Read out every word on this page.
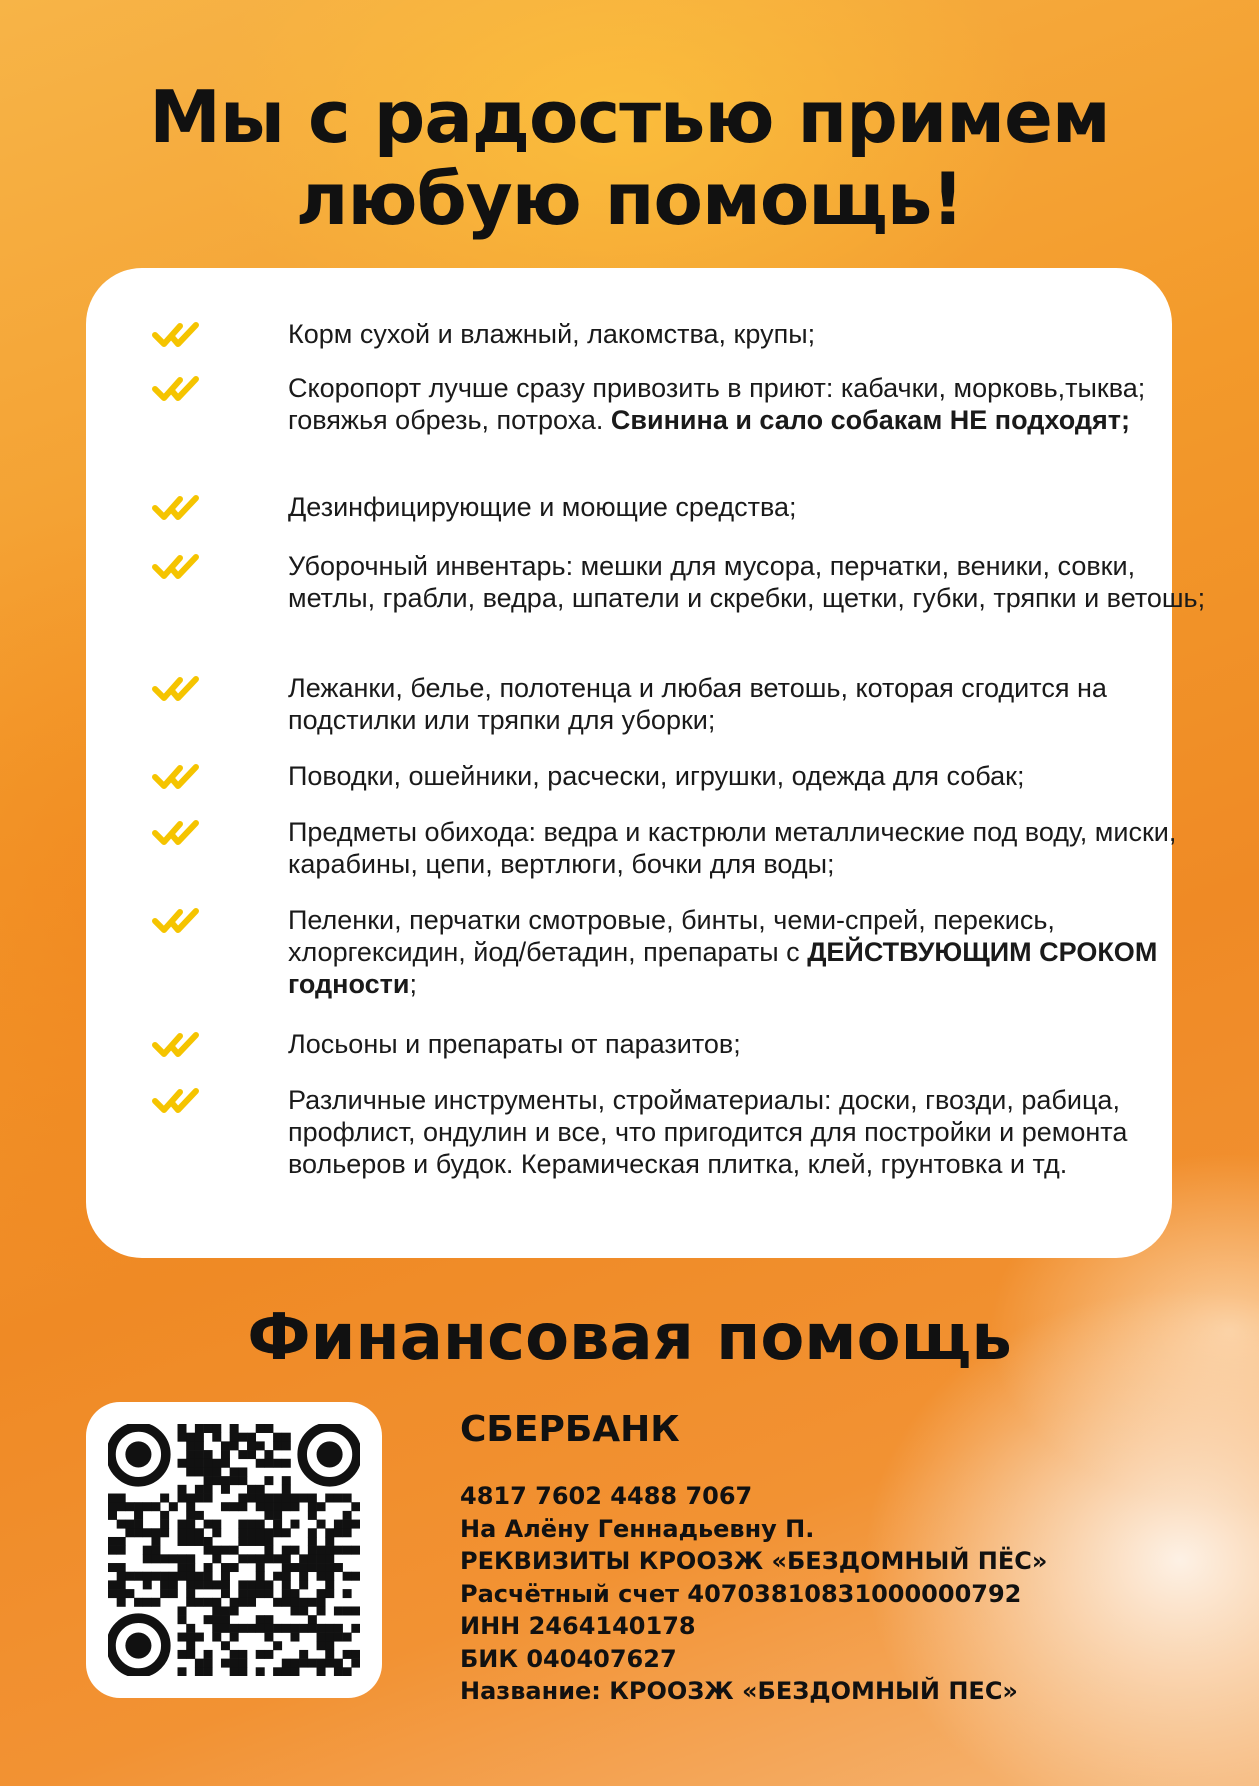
Мы с радостью примем
любую помощь!
Корм сухой и влажный, лакомства, крупы;
Скоропорт лучше сразу привозить в приют: кабачки, морковь,тыква; говяжья обрезь, потроха. Свинина и сало собакам НЕ подходят;
Дезинфицирующие и моющие средства;
Уборочный инвентарь: мешки для мусора, перчатки, веники, совки, метлы, грабли, ведра, шпатели и скребки, щетки, губки, тряпки и ветошь;
Лежанки, белье, полотенца и любая ветошь, которая сгодится на подстилки или тряпки для уборки;
Поводки, ошейники, расчески, игрушки, одежда для собак;
Предметы обихода: ведра и кастрюли металлические под воду, миски, карабины, цепи, вертлюги, бочки для воды;
Пеленки, перчатки смотровые, бинты, чеми-спрей, перекись, хлоргексидин, йод/бетадин, препараты с ДЕЙСТВУЮЩИМ СРОКОМ годности;
Лосьоны и препараты от паразитов;
Различные инструменты, стройматериалы: доски, гвозди, рабица, профлист, ондулин и все, что пригодится для постройки и ремонта вольеров и будок. Керамическая плитка, клей, грунтовка и тд.
Финансовая помощь
СБЕРБАНК
4817 7602 4488 7067
На Алёну Геннадьевну П.
РЕКВИЗИТЫ КРООЗЖ «БЕЗДОМНЫЙ ПЁС»
Расчётный счет 40703810831000000792
ИНН 2464140178
БИК 040407627
Название: КРООЗЖ «БЕЗДОМНЫЙ ПЕС»
